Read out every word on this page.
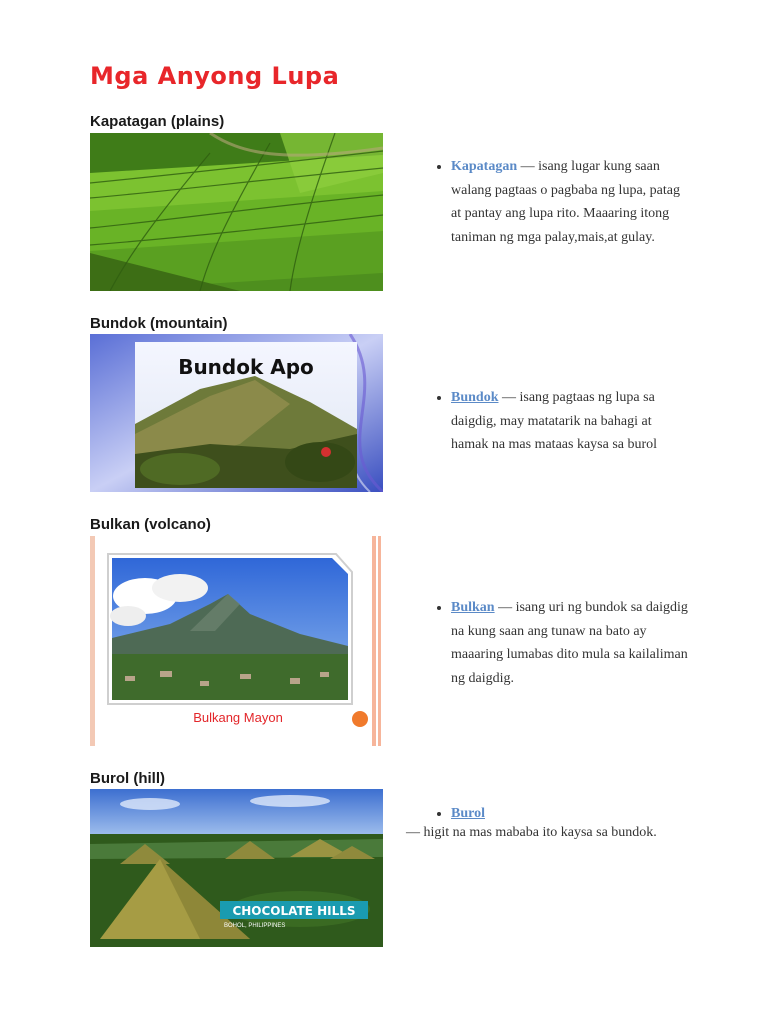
Mga Anyong Lupa
Kapatagan (plains)
• Kapatagan — isang lugar kung saan walang pagtaas o pagbaba ng lupa, patag at pantay ang lupa rito. Maaaring itong taniman ng mga palay,mais,at gulay.
Bundok (mountain)
Bundok Apo
• Bundok — isang pagtaas ng lupa sa daigdig, may matatarik na bahagi at hamak na mas mataas kaysa sa burol
Bulkan (volcano)
Bulkang Mayon
• Bulkan — isang uri ng bundok sa daigdig na kung saan ang tunaw na bato ay maaaring lumabas dito mula sa kailaliman ng daigdig.
Burol (hill)
CHOCOLATE HILLS
BOHOL, PHILIPPINES
• Burol
— higit na mas mababa ito kaysa sa bundok.
